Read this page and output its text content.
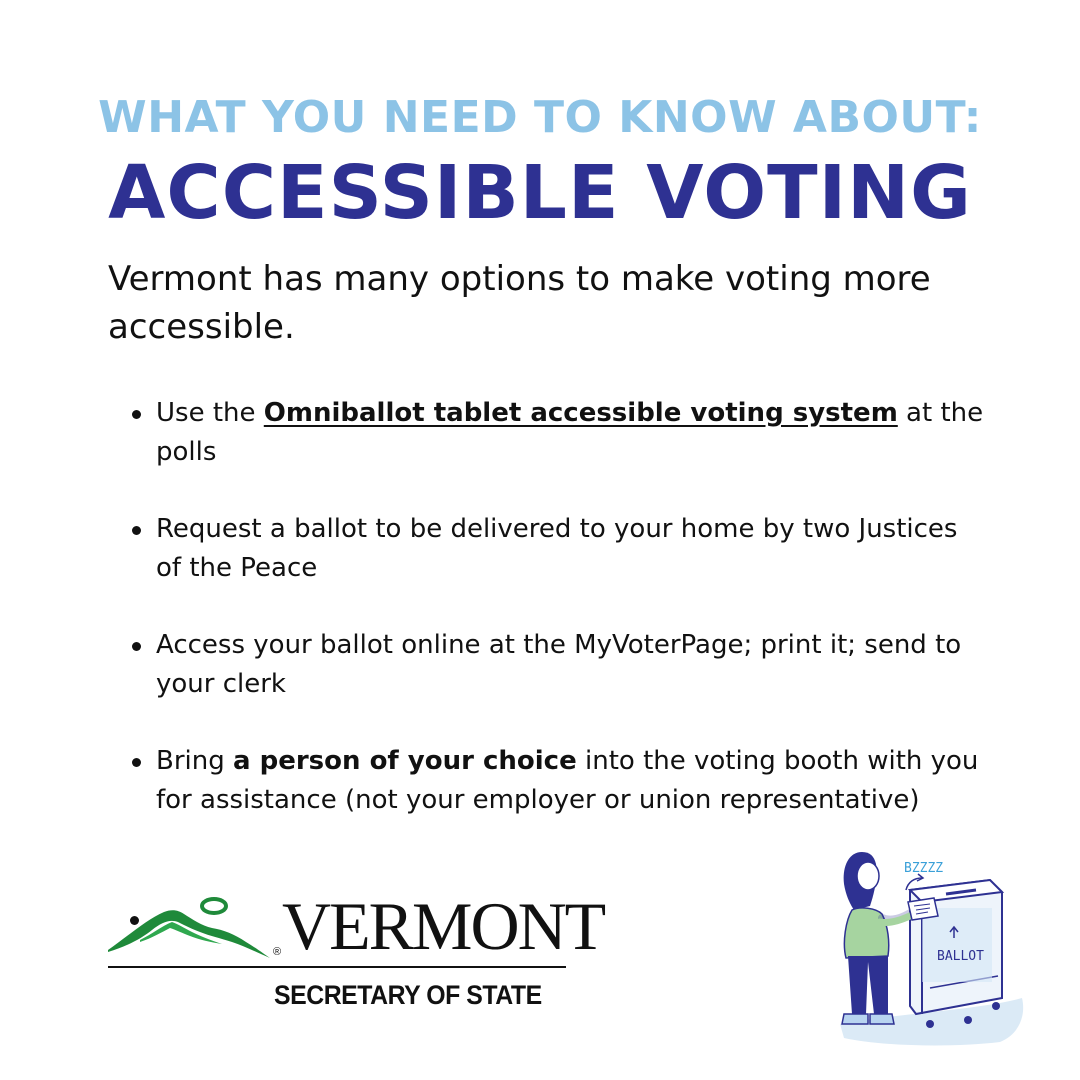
WHAT YOU NEED TO KNOW ABOUT:
ACCESSIBLE VOTING

Vermont has many options to make voting more accessible.

Use the Omniballot tablet accessible voting system at the polls
Request a ballot to be delivered to your home by two Justices of the Peace
Access your ballot online at the MyVoterPage; print it; send to your clerk
Bring a person of your choice into the voting booth with you for assistance (not your employer or union representative)
® VERMONT
SECRETARY OF STATE
BALLOT
BZZZZ
